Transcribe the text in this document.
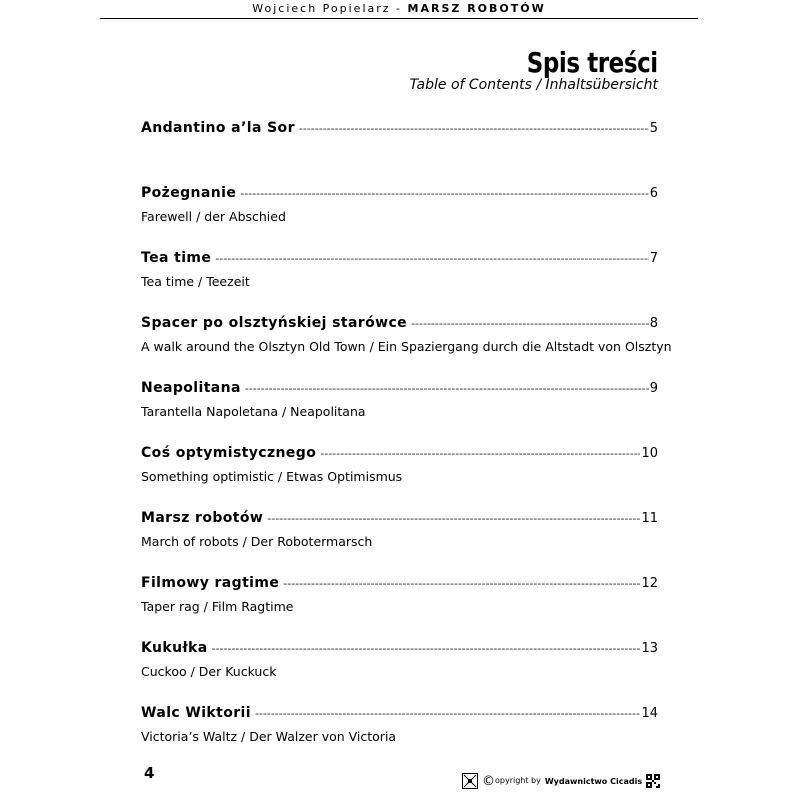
Wojciech Popielarz - MARSZ ROBOTÓW
Spis treści
Table of Contents / Inhaltsübersicht
Andantino a’la Sor -----	5
Pożegnanie -----	6
Farewell / der Abschied
Tea time -----	7
Tea time / Teezeit
Spacer po olsztyńskiej starówce -----	8
A walk around the Olsztyn Old Town / Ein Spaziergang durch die Altstadt von Olsztyn
Neapolitana -----	9
Tarantella Napoletana / Neapolitana
Coś optymistycznego -----	10
Something optimistic / Etwas Optimismus
Marsz robotów -----	11
March of robots / Der Robotermarsch
Filmowy ragtime -----	12
Taper rag / Film Ragtime
Kukułka -----	13
Cuckoo / Der Kuckuck
Walc Wiktorii -----	14
Victoria’s Waltz / Der Walzer von Victoria
4	©opyright by Wydawnictwo Cicadis
